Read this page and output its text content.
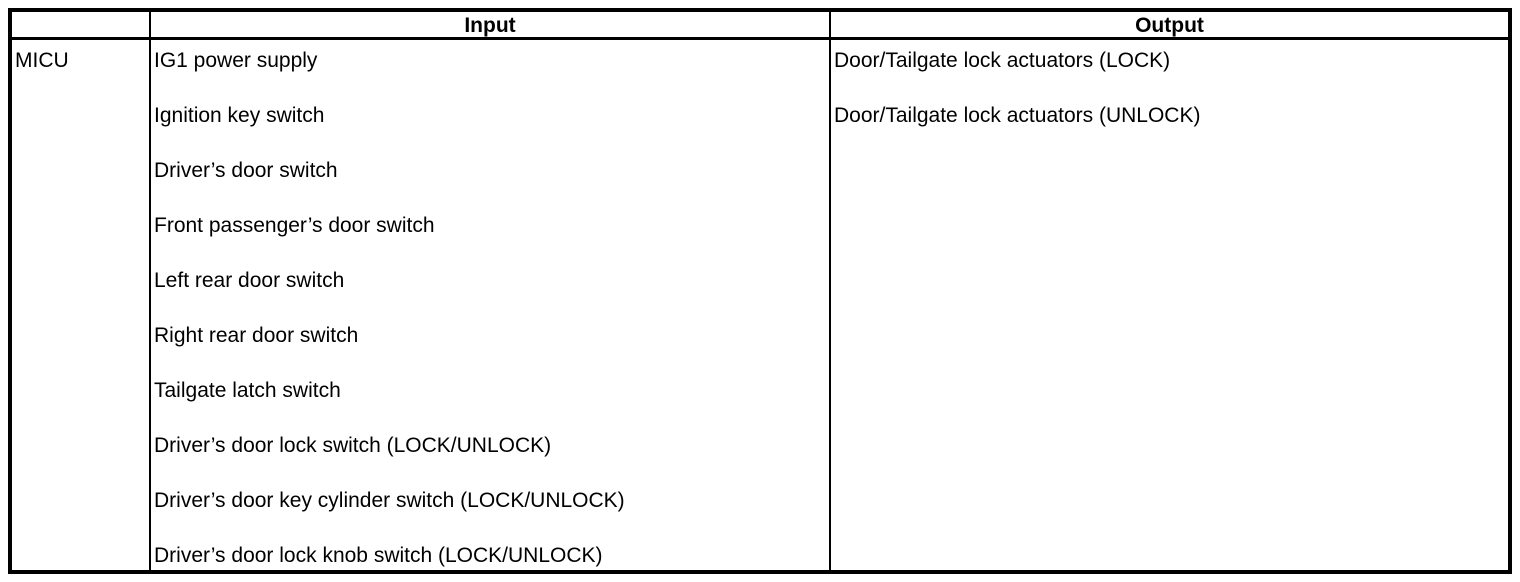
Input	Output
MICU	IG1 power supply
Ignition key switch
Driver’s door switch
Front passenger’s door switch
Left rear door switch
Right rear door switch
Tailgate latch switch
Driver’s door lock switch (LOCK/UNLOCK)
Driver’s door key cylinder switch (LOCK/UNLOCK)
Driver’s door lock knob switch (LOCK/UNLOCK)
Door/Tailgate lock actuators (LOCK)
Door/Tailgate lock actuators (UNLOCK)
